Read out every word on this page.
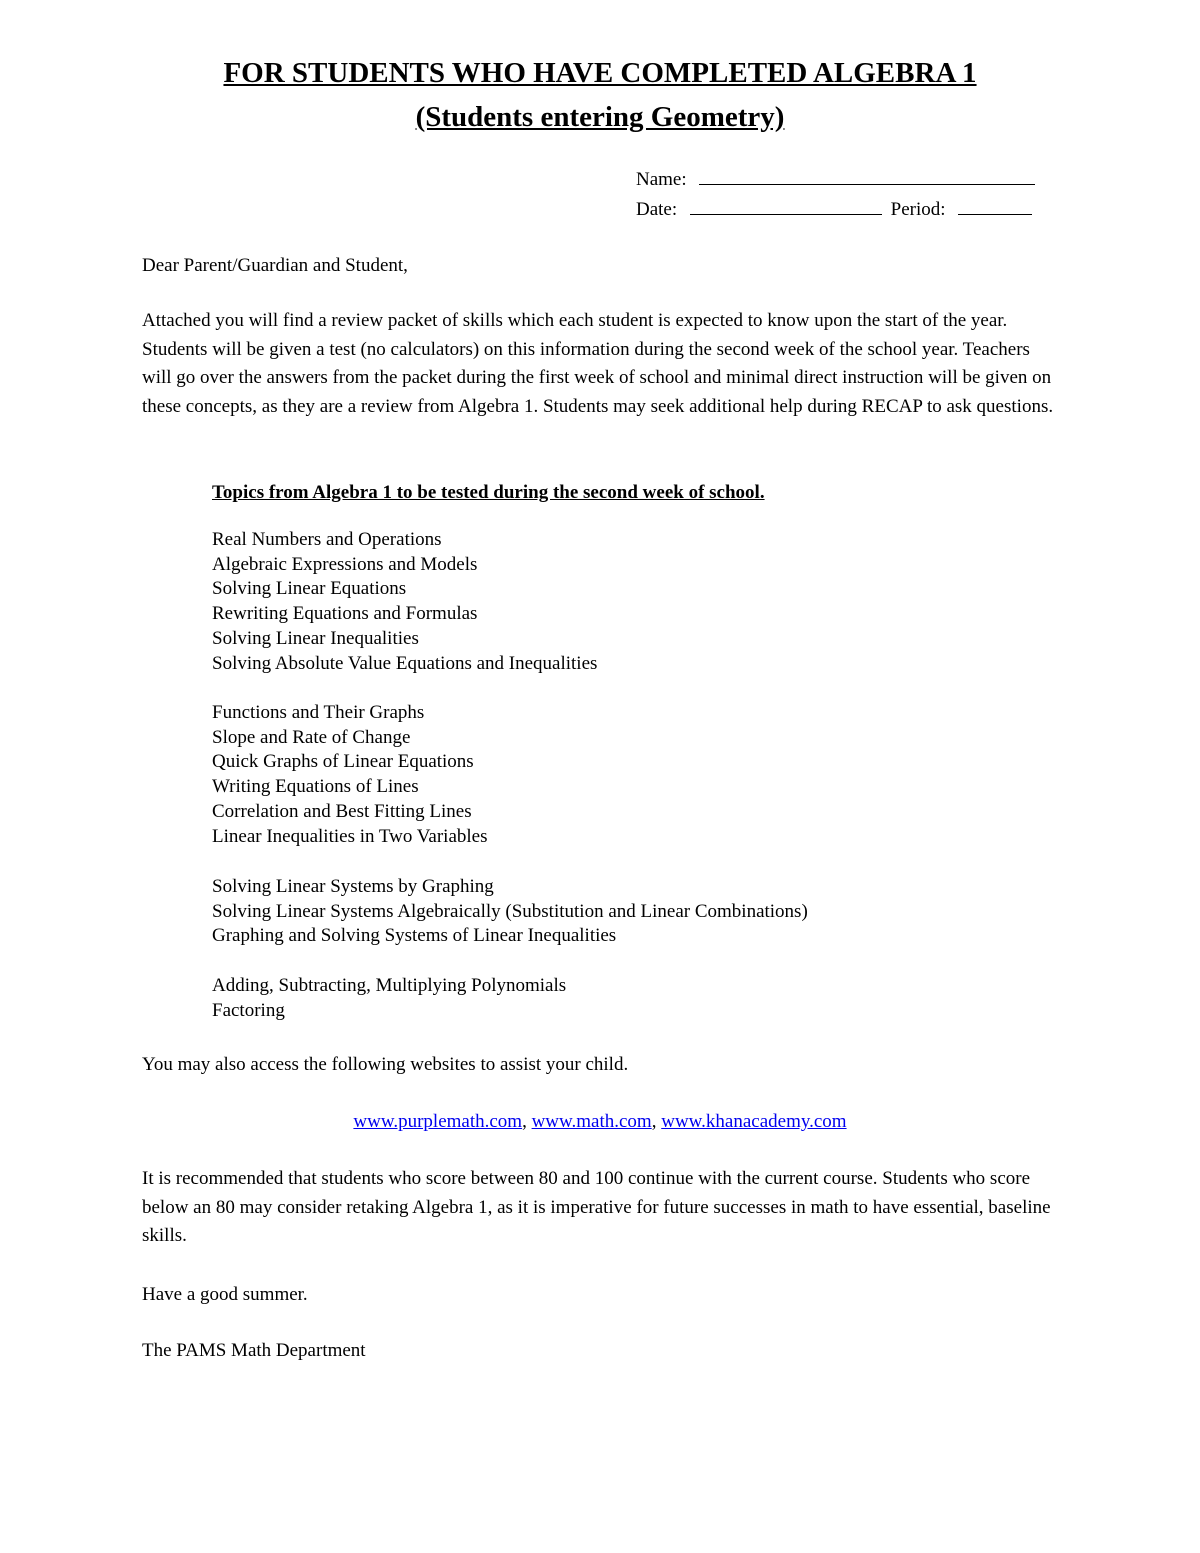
FOR STUDENTS WHO HAVE COMPLETED ALGEBRA 1
(Students entering Geometry)
Name:
Date:	Period:
Dear Parent/Guardian and Student,
Attached you will find a review packet of skills which each student is expected to know upon the start of the year. Students will be given a test (no calculators) on this information during the second week of the school year. Teachers will go over the answers from the packet during the first week of school and minimal direct instruction will be given on these concepts, as they are a review from Algebra 1. Students may seek additional help during RECAP to ask questions.
Topics from Algebra 1 to be tested during the second week of school.
Real Numbers and Operations
Algebraic Expressions and Models
Solving Linear Equations
Rewriting Equations and Formulas
Solving Linear Inequalities
Solving Absolute Value Equations and Inequalities
Functions and Their Graphs
Slope and Rate of Change
Quick Graphs of Linear Equations
Writing Equations of Lines
Correlation and Best Fitting Lines
Linear Inequalities in Two Variables
Solving Linear Systems by Graphing
Solving Linear Systems Algebraically (Substitution and Linear Combinations)
Graphing and Solving Systems of Linear Inequalities
Adding, Subtracting, Multiplying Polynomials
Factoring
You may also access the following websites to assist your child.
www.purplemath.com, www.math.com, www.khanacademy.com
It is recommended that students who score between 80 and 100 continue with the current course. Students who score below an 80 may consider retaking Algebra 1, as it is imperative for future successes in math to have essential, baseline skills.
Have a good summer.
The PAMS Math Department
